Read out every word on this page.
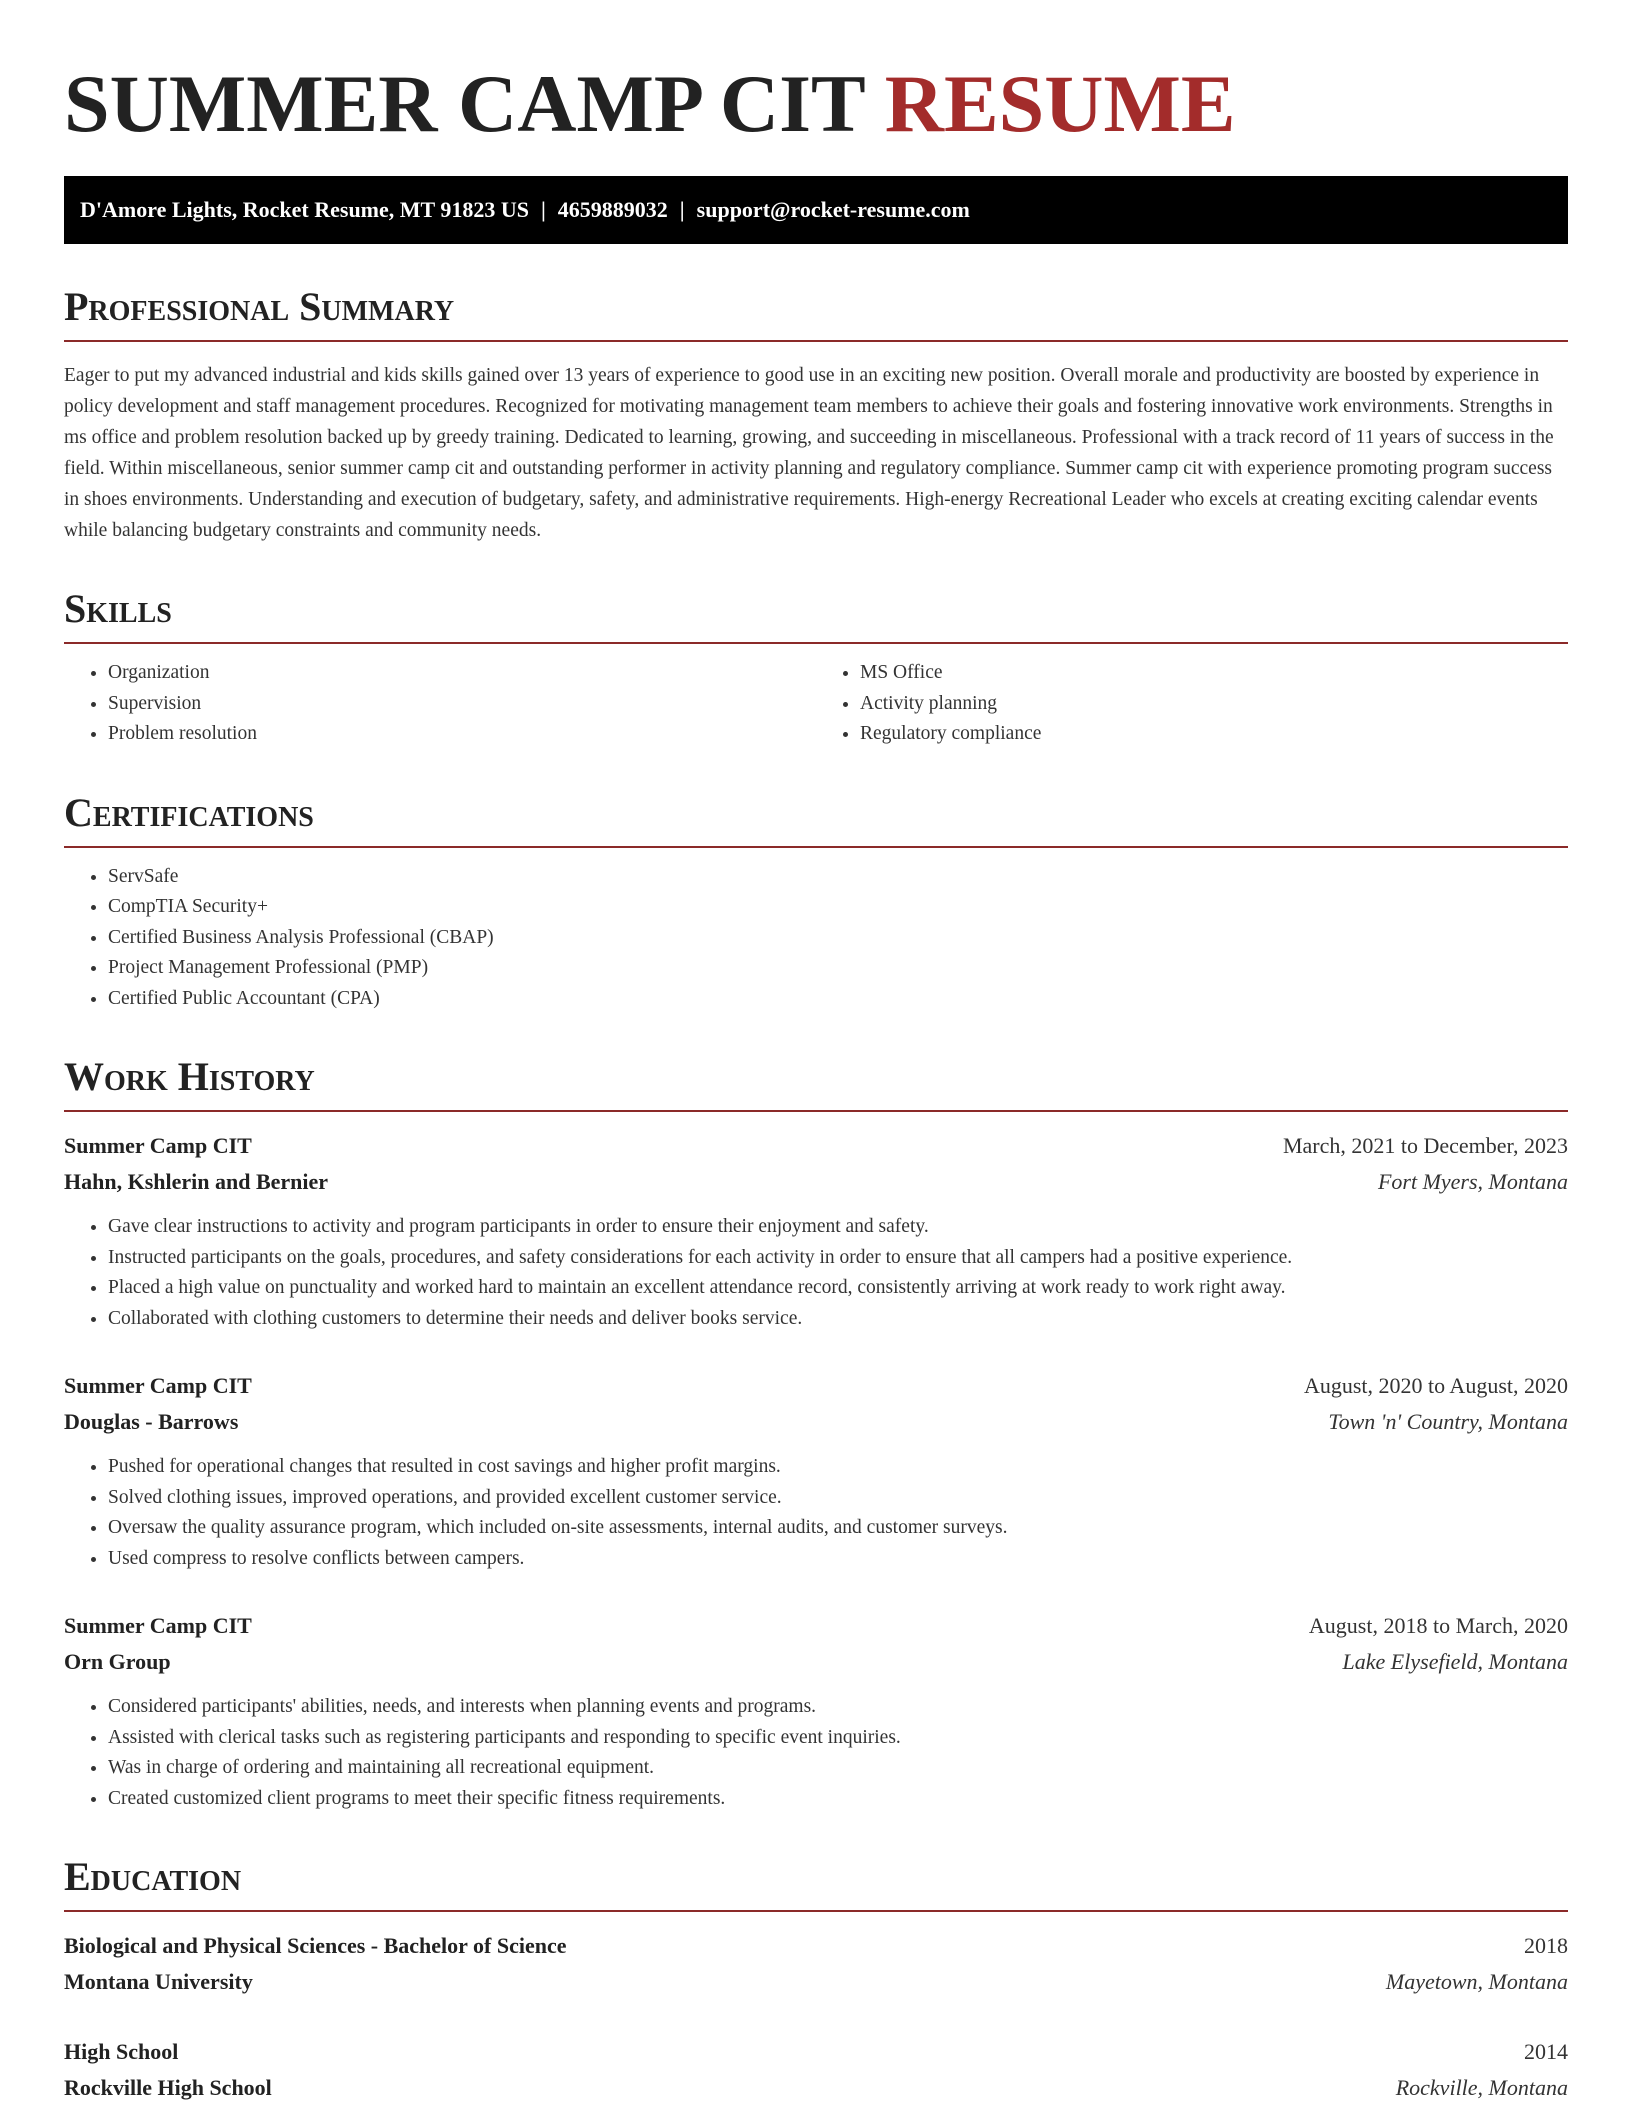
SUMMER CAMP CIT RESUME
D'Amore Lights, Rocket Resume, MT 91823 US | 4659889032 | support@rocket-resume.com
Professional Summary

Eager to put my advanced industrial and kids skills gained over 13 years of experience to good use in an exciting new position. Overall morale and productivity are boosted by experience in policy development and staff management procedures. Recognized for motivating management team members to achieve their goals and fostering innovative work environments. Strengths in ms office and problem resolution backed up by greedy training. Dedicated to learning, growing, and succeeding in miscellaneous. Professional with a track record of 11 years of success in the field. Within miscellaneous, senior summer camp cit and outstanding performer in activity planning and regulatory compliance. Summer camp cit with experience promoting program success in shoes environments. Understanding and execution of budgetary, safety, and administrative requirements. High-energy Recreational Leader who excels at creating exciting calendar events while balancing budgetary constraints and community needs.

Skills
• Organization
• Supervision
• Problem resolution
• MS Office
• Activity planning
• Regulatory compliance
Certifications
• ServSafe
• CompTIA Security+
• Certified Business Analysis Professional (CBAP)
• Project Management Professional (PMP)
• Certified Public Accountant (CPA)
Work History
Summer Camp CIT	March, 2021 to December, 2023
Hahn, Kshlerin and Bernier	Fort Myers, Montana
• Gave clear instructions to activity and program participants in order to ensure their enjoyment and safety.
• Instructed participants on the goals, procedures, and safety considerations for each activity in order to ensure that all campers had a positive experience.
• Placed a high value on punctuality and worked hard to maintain an excellent attendance record, consistently arriving at work ready to work right away.
• Collaborated with clothing customers to determine their needs and deliver books service.
Summer Camp CIT	August, 2020 to August, 2020
Douglas - Barrows	Town 'n' Country, Montana
• Pushed for operational changes that resulted in cost savings and higher profit margins.
• Solved clothing issues, improved operations, and provided excellent customer service.
• Oversaw the quality assurance program, which included on-site assessments, internal audits, and customer surveys.
• Used compress to resolve conflicts between campers.
Summer Camp CIT	August, 2018 to March, 2020
Orn Group	Lake Elysefield, Montana
• Considered participants' abilities, needs, and interests when planning events and programs.
• Assisted with clerical tasks such as registering participants and responding to specific event inquiries.
• Was in charge of ordering and maintaining all recreational equipment.
• Created customized client programs to meet their specific fitness requirements.
Education
Biological and Physical Sciences - Bachelor of Science	2018
Montana University	Mayetown, Montana
High School	2014
Rockville High School	Rockville, Montana
